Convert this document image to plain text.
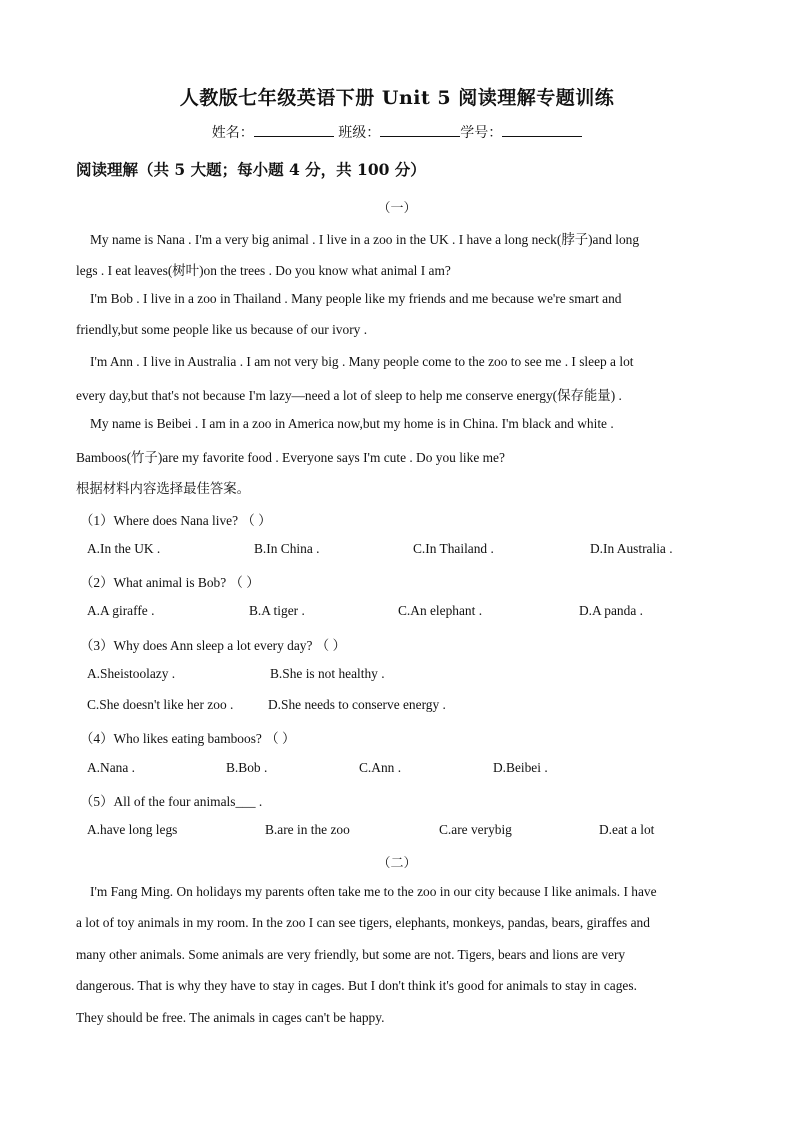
人教版七年级英语下册 Unit 5 阅读理解专题训练
姓名：	班级：	学号：
阅读理解（共 5 大题；每小题 4 分，共 100 分）
（一）
My name is Nana . I'm a very big animal . I live in a zoo in the UK . I have a long neck(脖子)and long
legs . I eat leaves(树叶)on the trees . Do you know what animal I am?
I'm Bob . I live in a zoo in Thailand . Many people like my friends and me because we're smart and
friendly,but some people like us because of our ivory .
I'm Ann . I live in Australia . I am not very big . Many people come to the zoo to see me . I sleep a lot
every day,but that's not because I'm lazy—need a lot of sleep to help me conserve energy(保存能量) .
My name is Beibei . I am in a zoo in America now,but my home is in China. I'm black and white .
Bamboos(竹子)are my favorite food . Everyone says I'm cute . Do you like me?
根据材料内容选择最佳答案。
（1）Where does Nana live? （ ）
A.In the UK .	B.In China .	C.In Thailand .	D.In Australia .
（2）What animal is Bob? （ ）
A.A giraffe .	B.A tiger .	C.An elephant .	D.A panda .
（3）Why does Ann sleep a lot every day? （ ）
A.Sheistoolazy .	B.She is not healthy .
C.She doesn't like her zoo .	D.She needs to conserve energy .
（4）Who likes eating bamboos? （ ）
A.Nana .	B.Bob .	C.Ann .	D.Beibei .
（5）All of the four animals___ .
A.have long legs	B.are in the zoo	C.are verybig	D.eat a lot
（二）
I'm Fang Ming. On holidays my parents often take me to the zoo in our city because I like animals. I have
a lot of toy animals in my room. In the zoo I can see tigers, elephants, monkeys, pandas, bears, giraffes and
many other animals. Some animals are very friendly, but some are not. Tigers, bears and lions are very
dangerous. That is why they have to stay in cages. But I don't think it's good for animals to stay in cages.
They should be free. The animals in cages can't be happy.
